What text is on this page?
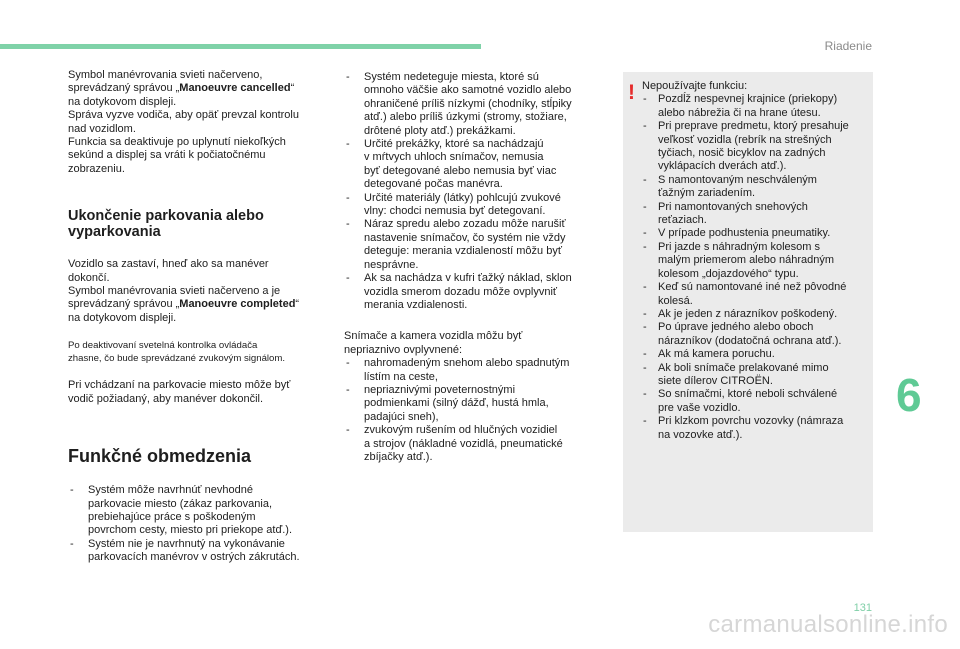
Riadenie
6
131
carmanualsonline.info
Symbol manévrovania svieti načerveno,
sprevádzaný správou „Manoeuvre cancelled“
na dotykovom displeji.
Správa vyzve vodiča, aby opäť prevzal kontrolu
nad vozidlom.
Funkcia sa deaktivuje po uplynutí niekoľkých
sekúnd a displej sa vráti k počiatočnému
zobrazeniu.
Ukončenie parkovania alebo
vyparkovania
Vozidlo sa zastaví, hneď ako sa manéver
dokončí.
Symbol manévrovania svieti načerveno a je
sprevádzaný správou „Manoeuvre completed“
na dotykovom displeji.
Po deaktivovaní svetelná kontrolka ovládača
zhasne, čo bude sprevádzané zvukovým signálom.
Pri vchádzaní na parkovacie miesto môže byť
vodič požiadaný, aby manéver dokončil.
Funkčné obmedzenia
- Systém môže navrhnúť nevhodné
parkovacie miesto (zákaz parkovania,
prebiehajúce práce s poškodeným
povrchom cesty, miesto pri priekope atď.).
- Systém nie je navrhnutý na vykonávanie
parkovacích manévrov v ostrých zákrutách.
- Systém nedeteguje miesta, ktoré sú
omnoho väčšie ako samotné vozidlo alebo
ohraničené príliš nízkymi (chodníky, stĺpiky
atď.) alebo príliš úzkymi (stromy, stožiare,
drôtené ploty atď.) prekážkami.
- Určité prekážky, ktoré sa nachádzajú
v mŕtvych uhloch snímačov, nemusia
byť detegované alebo nemusia byť viac
detegované počas manévra.
- Určité materiály (látky) pohlcujú zvukové
vlny: chodci nemusia byť detegovaní.
- Náraz spredu alebo zozadu môže narušiť
nastavenie snímačov, čo systém nie vždy
deteguje: merania vzdialeností môžu byť
nesprávne.
- Ak sa nachádza v kufri ťažký náklad, sklon
vozidla smerom dozadu môže ovplyvniť
merania vzdialenosti.
Snímače a kamera vozidla môžu byť
nepriaznivo ovplyvnené:
- nahromadeným snehom alebo spadnutým
lístím na ceste,
- nepriaznivými poveternostnými
podmienkami (silný dážď, hustá hmla,
padajúci sneh),
- zvukovým rušením od hlučných vozidiel
a strojov (nákladné vozidlá, pneumatické
zbíjačky atď.).
! Nepoužívajte funkciu:
- Pozdĺž nespevnej krajnice (priekopy)
alebo nábrežia či na hrane útesu.
- Pri preprave predmetu, ktorý presahuje
veľkosť vozidla (rebrík na strešných
tyčiach, nosič bicyklov na zadných
vyklápacích dverách atď.).
- S namontovaným neschváleným
ťažným zariadením.
- Pri namontovaných snehových
reťaziach.
- V prípade podhustenia pneumatiky.
- Pri jazde s náhradným kolesom s
malým priemerom alebo náhradným
kolesom „dojazdového“ typu.
- Keď sú namontované iné než pôvodné
kolesá.
- Ak je jeden z nárazníkov poškodený.
- Po úprave jedného alebo oboch
nárazníkov (dodatočná ochrana atď.).
- Ak má kamera poruchu.
- Ak boli snímače prelakované mimo
siete dílerov CITROËN.
- So snímačmi, ktoré neboli schválené
pre vaše vozidlo.
- Pri klzkom povrchu vozovky (námraza
na vozovke atď.).
